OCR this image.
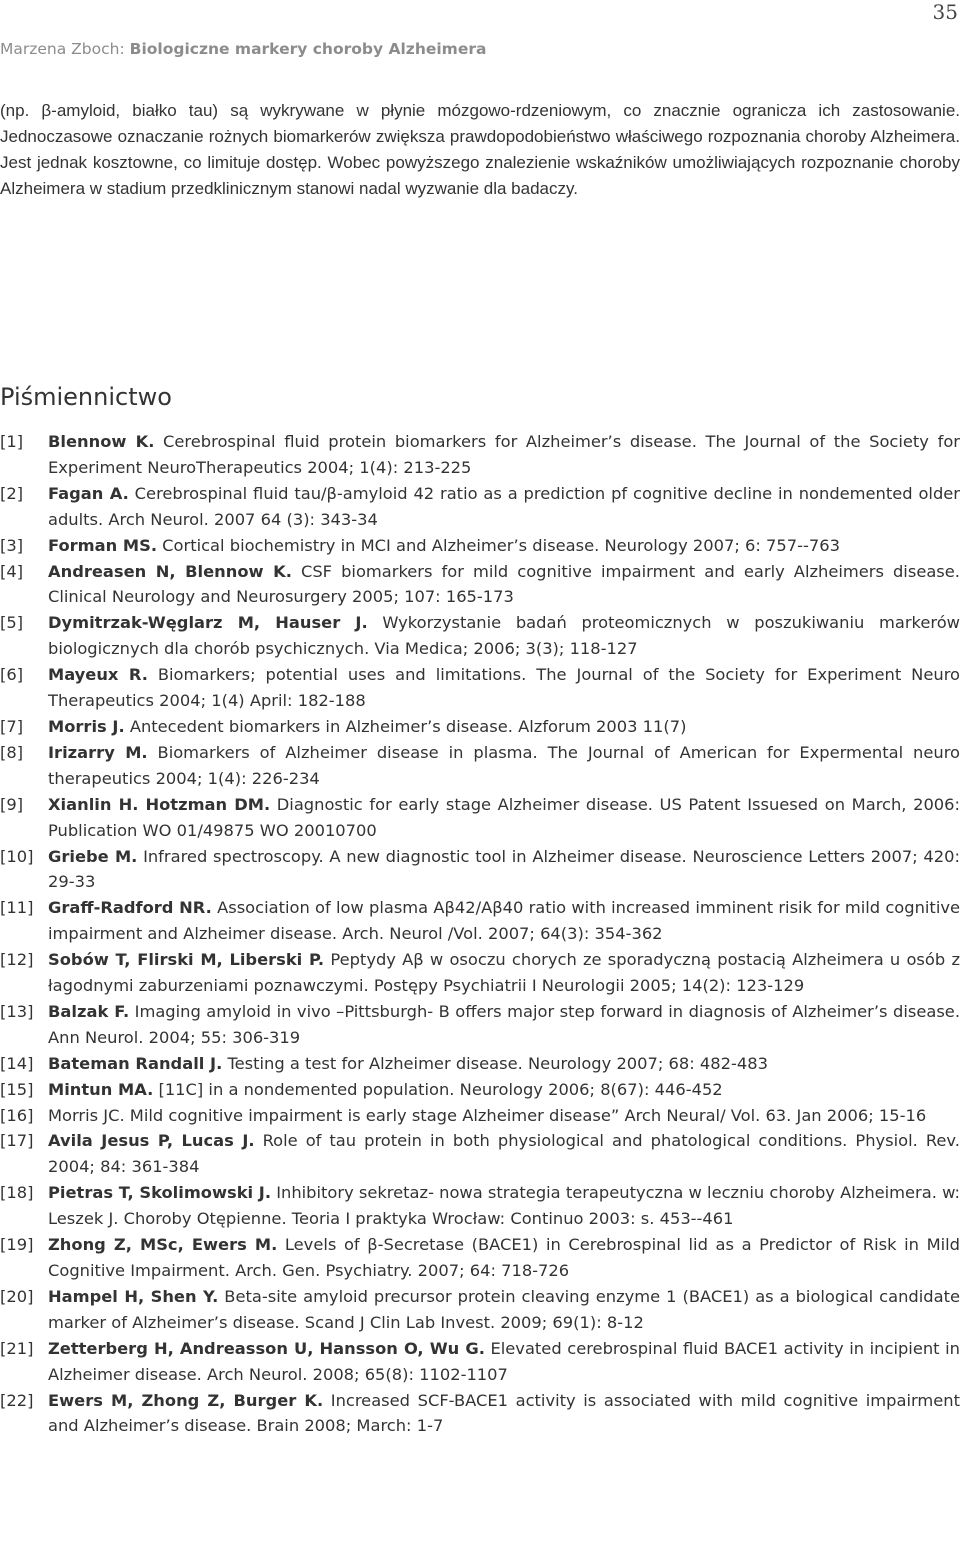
35
Marzena Zboch: Biologiczne markery choroby Alzheimera

(np. β-amyloid, białko tau) są wykrywane w płynie mózgowo-rdzeniowym, co znacznie ogranicza ich zastosowanie. Jednoczasowe oznaczanie rożnych biomarkerów zwiększa prawdopodobieństwo właściwego rozpoznania choroby Alzheimera. Jest jednak kosztowne, co limituje dostęp. Wobec powyższego znalezienie wskaźników umożliwiających rozpoznanie choroby Alzheimera w stadium przedklinicznym stanowi nadal wyzwanie dla badaczy.

Piśmiennictwo
[1]	Blennow K. Cerebrospinal fluid protein biomarkers for Alzheimer’s disease. The Journal of the Society for Experiment NeuroTherapeutics 2004; 1(4): 213-225
[2]	Fagan A. Cerebrospinal fluid tau/β-amyloid 42 ratio as a prediction pf cognitive decline in nondemented older adults. Arch Neurol. 2007 64 (3): 343-34
[3]	Forman MS. Cortical biochemistry in MCI and Alzheimer’s disease. Neurology 2007; 6: 757--763
[4]	Andreasen N, Blennow K. CSF biomarkers for mild cognitive impairment and early Alzheimers disease. Clinical Neurology and Neurosurgery 2005; 107: 165-173
[5]	Dymitrzak-Węglarz M, Hauser J. Wykorzystanie badań proteomicznych w poszukiwaniu markerów biologicznych dla chorób psychicznych. Via Medica; 2006; 3(3); 118-127
[6]	Mayeux R. Biomarkers; potential uses and limitations. The Journal of the Society for Experiment Neuro Therapeutics 2004; 1(4) April: 182-188
[7]	Morris J. Antecedent biomarkers in Alzheimer’s disease. Alzforum 2003 11(7)
[8]	Irizarry M. Biomarkers of Alzheimer disease in plasma. The Journal of American for Expermental neuro therapeutics 2004; 1(4): 226-234
[9]	Xianlin H. Hotzman DM. Diagnostic for early stage Alzheimer disease. US Patent Issuesed on March, 2006: Publication WO 01/49875 WO 20010700
[10] Griebe M. Infrared spectroscopy. A new diagnostic tool in Alzheimer disease. Neuroscience Letters 2007; 420: 29-33
[11] Graff-Radford NR. Association of low plasma Aβ42/Aβ40 ratio with increased imminent risik for mild cognitive impairment and Alzheimer disease. Arch. Neurol /Vol. 2007; 64(3): 354-362
[12] Sobów T, Flirski M, Liberski P. Peptydy Aβ w osoczu chorych ze sporadyczną postacią Alzheimera u osób z łagodnymi zaburzeniami poznawczymi. Postępy Psychiatrii I Neurologii 2005; 14(2): 123-129
[13] Balzak F. Imaging amyloid in vivo –Pittsburgh- B offers major step forward in diagnosis of Alzheimer’s disease. Ann Neurol. 2004; 55: 306-319
[14] Bateman Randall J. Testing a test for Alzheimer disease. Neurology 2007; 68: 482-483
[15] Mintun MA. [11C] in a nondemented population. Neurology 2006; 8(67): 446-452
[16] Morris JC. Mild cognitive impairment is early stage Alzheimer disease” Arch Neural/ Vol. 63. Jan 2006; 15-16
[17] Avila Jesus P, Lucas J. Role of tau protein in both physiological and phatological conditions. Physiol. Rev. 2004; 84: 361-384
[18] Pietras T, Skolimowski J. Inhibitory sekretaz- nowa strategia terapeutyczna w leczniu choroby Alzheimera. w: Leszek J. Choroby Otępienne. Teoria I praktyka Wrocław: Continuo 2003: s. 453--461
[19] Zhong Z, MSc, Ewers M. Levels of β-Secretase (BACE1) in Cerebrospinal lid as a Predictor of Risk in Mild Cognitive Impairment. Arch. Gen. Psychiatry. 2007; 64: 718-726
[20] Hampel H, Shen Y. Beta-site amyloid precursor protein cleaving enzyme 1 (BACE1) as a biological candidate marker of Alzheimer’s disease. Scand J Clin Lab Invest. 2009; 69(1): 8-12
[21] Zetterberg H, Andreasson U, Hansson O, Wu G. Elevated cerebrospinal fluid BACE1 activity in incipient in Alzheimer disease. Arch Neurol. 2008; 65(8): 1102-1107
[22] Ewers M, Zhong Z, Burger K. Increased SCF-BACE1 activity is associated with mild cognitive impairment and Alzheimer’s disease. Brain 2008; March: 1-7
